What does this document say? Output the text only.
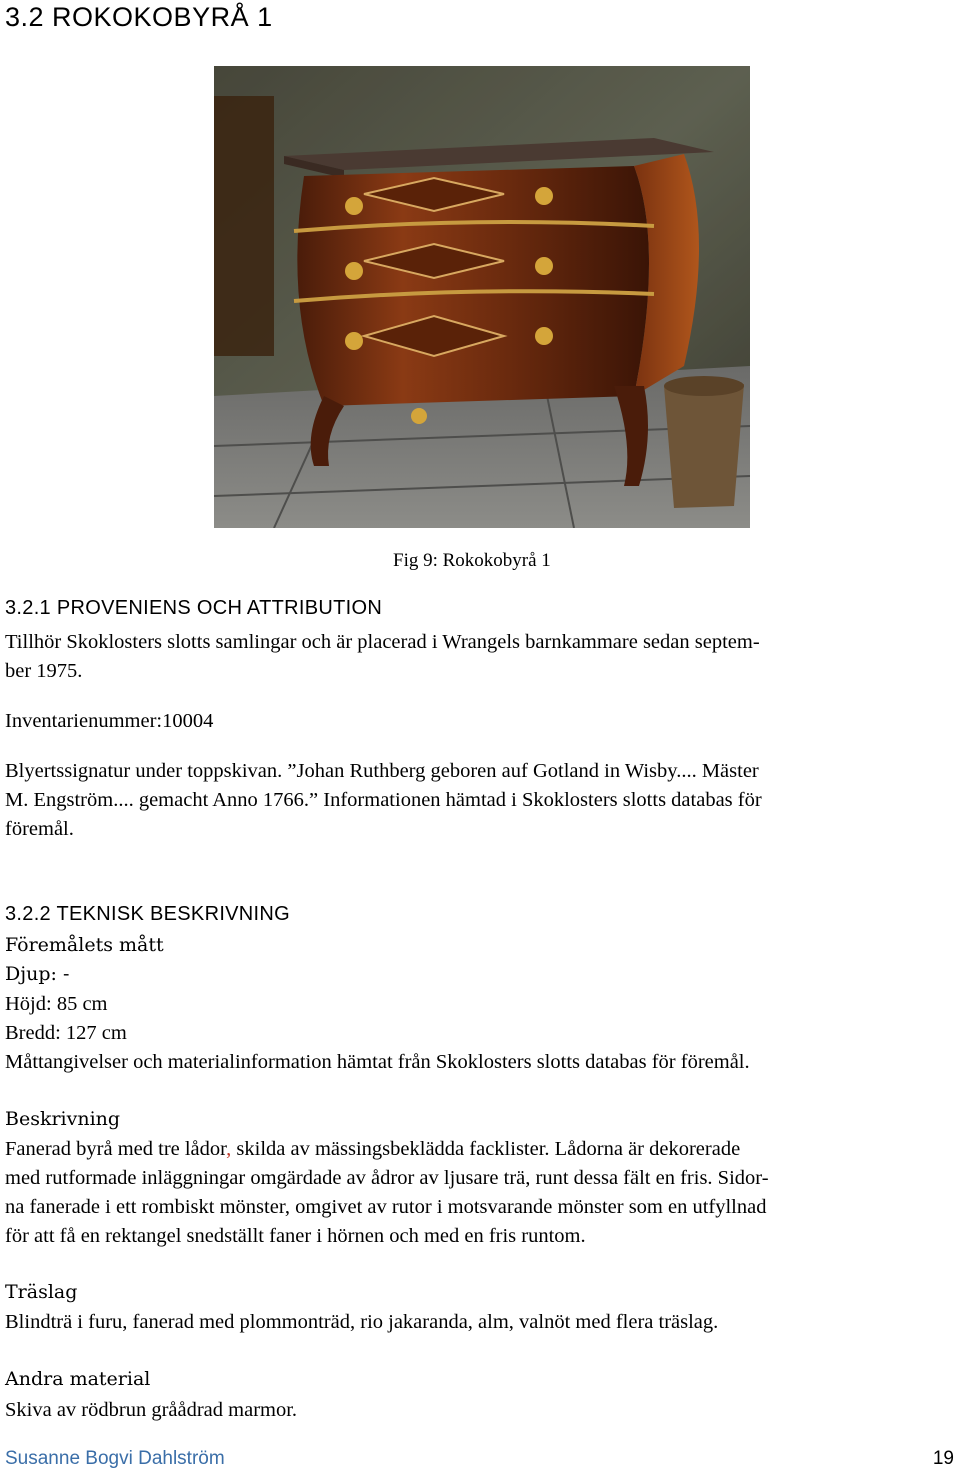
3.2 ROKOKOBYRÅ 1
Fig 9: Rokokobyrå 1
3.2.1 PROVENIENS OCH ATTRIBUTION
Tillhör Skoklosters slotts samlingar och är placerad i Wrangels barnkammare sedan septem-
ber 1975.
Inventarienummer:10004
Blyertssignatur under toppskivan. ”Johan Ruthberg geboren auf Gotland in Wisby.... Mäster
M. Engström.... gemacht Anno 1766.” Informationen hämtad i Skoklosters slotts databas för
föremål.
3.2.2 TEKNISK BESKRIVNING
Föremålets mått
Djup: -
Höjd: 85 cm
Bredd: 127 cm
Måttangivelser och materialinformation hämtat från Skoklosters slotts databas för föremål.
Beskrivning
Fanerad byrå med tre lådor, skilda av mässingsbeklädda facklister. Lådorna är dekorerade
med rutformade inläggningar omgärdade av ådror av ljusare trä, runt dessa fält en fris. Sidor-
na fanerade i ett rombiskt mönster, omgivet av rutor i motsvarande mönster som en utfyllnad
för att få en rektangel snedställt faner i hörnen och med en fris runtom.
Träslag
Blindträ i furu, fanerad med plommonträd, rio jakaranda, alm, valnöt med flera träslag.
Andra material
Skiva av rödbrun gråådrad marmor.
Susanne Bogvi Dahlström	19
